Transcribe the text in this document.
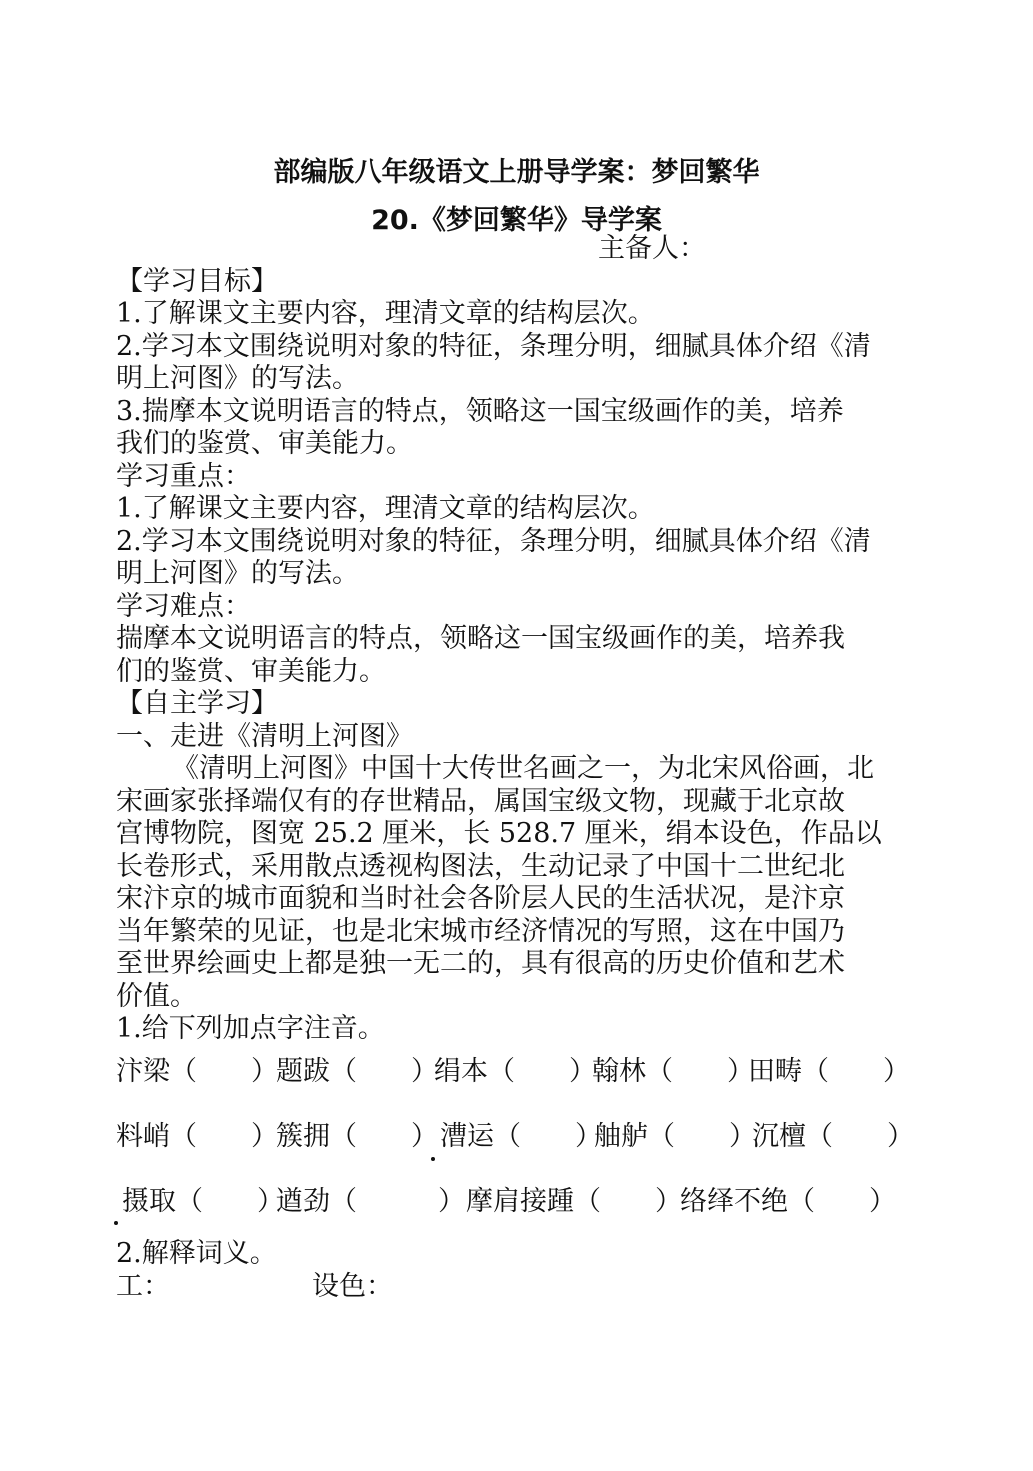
部编版八年级语文上册导学案：梦回繁华
20.《梦回繁华》导学案
主备人：
【学习目标】
1.了解课文主要内容，理清文章的结构层次。
2.学习本文围绕说明对象的特征，条理分明，细腻具体介绍《清
明上河图》的写法。
3.揣摩本文说明语言的特点，领略这一国宝级画作的美，培养
我们的鉴赏、审美能力。
学习重点：
1.了解课文主要内容，理清文章的结构层次。
2.学习本文围绕说明对象的特征，条理分明，细腻具体介绍《清
明上河图》的写法。
学习难点：
揣摩本文说明语言的特点，领略这一国宝级画作的美，培养我
们的鉴赏、审美能力。
【自主学习】
一、走进《清明上河图》
《清明上河图》中国十大传世名画之一，为北宋风俗画，北
宋画家张择端仅有的存世精品，属国宝级文物，现藏于北京故
宫博物院，图宽 25.2 厘米，长 528.7 厘米，绢本设色，作品以
长卷形式，采用散点透视构图法，生动记录了中国十二世纪北
宋汴京的城市面貌和当时社会各阶层人民的生活状况，是汴京
当年繁荣的见证，也是北宋城市经济情况的写照，这在中国乃
至世界绘画史上都是独一无二的，具有很高的历史价值和艺术
价值。
1.给下列加点字注音。
汴梁（　　）
题跋（　　）
绢本（　　）
翰林（　　）
田畴（　　）
料峭（　　）
簇拥（　　） 漕运（　　）
舳舻（　　）
沉檀（　　）
摄取（　　）
遒劲（　　　） 摩肩接踵（　　）
络绎不绝（　　）
2.解释词义。
工：	设色：
